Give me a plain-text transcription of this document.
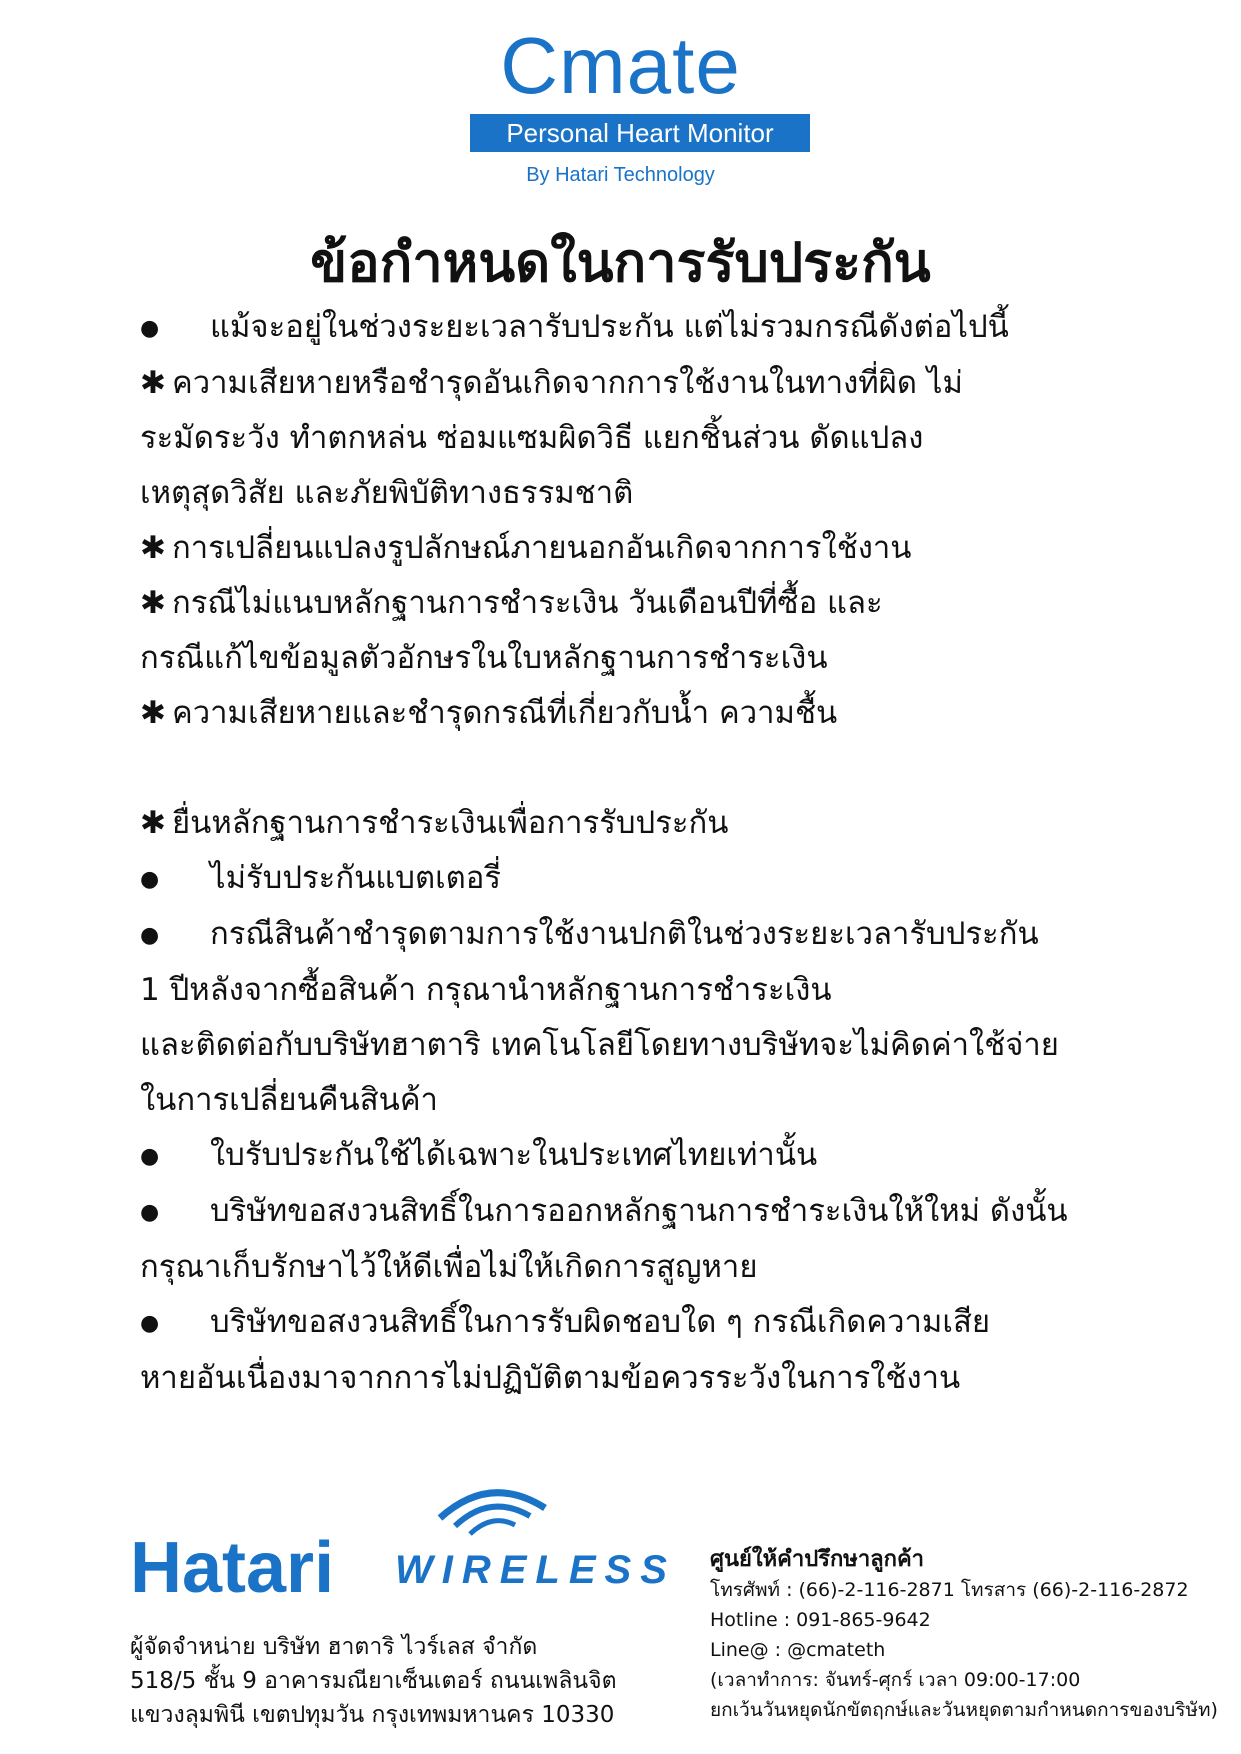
Cmate
Personal Heart Monitor
By Hatari Technology
ข้อกำหนดในการรับประกัน

● แม้จะอยู่ในช่วงระยะเวลารับประกัน แต่ไม่รวมกรณีดังต่อไปนี้

✱ ความเสียหายหรือชำรุดอันเกิดจากการใช้งานในทางที่ผิด ไม่

ระมัดระวัง ทำตกหล่น ซ่อมแซมผิดวิธี แยกชิ้นส่วน ดัดแปลง

เหตุสุดวิสัย และภัยพิบัติทางธรรมชาติ

✱ การเปลี่ยนแปลงรูปลักษณ์ภายนอกอันเกิดจากการใช้งาน

✱ กรณีไม่แนบหลักฐานการชำระเงิน วันเดือนปีที่ซื้อ และ

กรณีแก้ไขข้อมูลตัวอักษรในใบหลักฐานการชำระเงิน

✱ ความเสียหายและชำรุดกรณีที่เกี่ยวกับน้ำ ความชื้น

✱ ยื่นหลักฐานการชำระเงินเพื่อการรับประกัน

● ไม่รับประกันแบตเตอรี่

● กรณีสินค้าชำรุดตามการใช้งานปกติในช่วงระยะเวลารับประกัน

1 ปีหลังจากซื้อสินค้า กรุณานำหลักฐานการชำระเงิน

และติดต่อกับบริษัทฮาตาริ เทคโนโลยีโดยทางบริษัทจะไม่คิดค่าใช้จ่าย

ในการเปลี่ยนคืนสินค้า

● ใบรับประกันใช้ได้เฉพาะในประเทศไทยเท่านั้น

● บริษัทขอสงวนสิทธิ์ในการออกหลักฐานการชำระเงินให้ใหม่ ดังนั้น

กรุณาเก็บรักษาไว้ให้ดีเพื่อไม่ให้เกิดการสูญหาย

● บริษัทขอสงวนสิทธิ์ในการรับผิดชอบใด ๆ กรณีเกิดความเสีย

หายอันเนื่องมาจากการไม่ปฏิบัติตามข้อควรระวังในการใช้งาน

Hatari WIRELESS

ผู้จัดจำหน่าย บริษัท ฮาตาริ ไวร์เลส จำกัด

518/5 ชั้น 9 อาคารมณียาเซ็นเตอร์ ถนนเพลินจิต

แขวงลุมพินี เขตปทุมวัน กรุงเทพมหานคร 10330

ศูนย์ให้คำปรึกษาลูกค้า

โทรศัพท์ : (66)-2-116-2871 โทรสาร (66)-2-116-2872

Hotline : 091-865-9642

Line@ : @cmateth

(เวลาทำการ: จันทร์-ศุกร์ เวลา 09:00-17:00

ยกเว้นวันหยุดนักขัตฤกษ์และวันหยุดตามกำหนดการของบริษัท)
